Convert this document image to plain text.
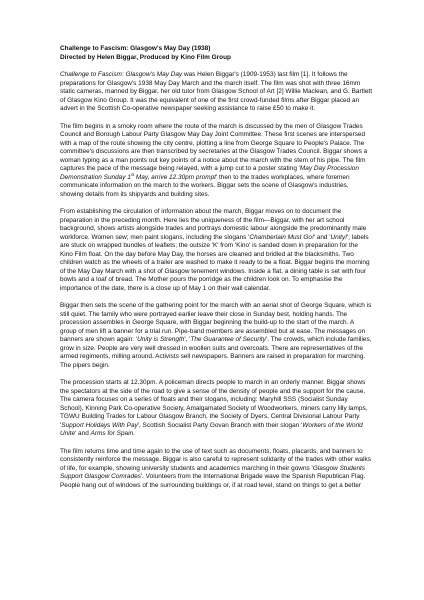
Challenge to Fascism: Glasgow's May Day (1938)
Directed by Helen Biggar, Produced by Kino Film Group

Challenge to Fascism: Glasgow's May Day was Helen Biggar's (1909-1953) last film [1]. It follows the preparations for Glasgow's 1938 May Day March and the march itself. The film was shot with three 16mm static cameras, manned by Biggar, her old tutor from Glasgow School of Art [2] Willie Maclean, and G. Bartlett of Glasgow Kino Group. It was the equivalent of one of the first crowd-funded films after Biggar placed an advert in the Scottish Co-operative newspaper seeking assistance to raise £50 to make it.

The film begins in a smoky room where the route of the march is discussed by the men of Glasgow Trades Council and Borough Labour Party Glasgow May Day Joint Committee. These first scenes are interspersed with a map of the route showing the city centre, plotting a line from George Square to People's Palace. The committee's discussions are then transcribed by secretaries at the Glasgow Trades Council. Biggar shows a woman typing as a man points out key points of a notice about the march with the stem of his pipe. The film captures the pace of the message being relayed, with a jump cut to a poster stating 'May Day Procession Demonstration Sunday 1st May, arrive 12.30pm prompt' then to the trades workplaces, where foremen communicate information on the march to the workers. Biggar sets the scene of Glasgow's industries, showing details from its shipyards and building sites.

From establishing the circulation of information about the march, Biggar moves on to document the preparation in the preceding month. Here lies the uniqueness of the film—Biggar, with her art school background, shows artists alongside trades and portrays domestic labour alongside the predominantly male workforce. Women sew; men paint slogans, including the slogans 'Chamberlain Must Go!' and 'Unity!'; labels are stuck on wrapped bundles of leaflets; the outsize 'K' from 'Kino' is sanded down in preparation for the Kino Film float. On the day before May Day, the horses are cleaned and bridled at the blacksmiths. Two children watch as the wheels of a trailer are washed to make it ready to be a float. Biggar begins the morning of the May Day March with a shot of Glasgow tenement windows. Inside a flat, a dining table is set with four bowls and a loaf of bread. The Mother pours the porridge as the children look on. To emphasise the importance of the date, there is a close up of May 1 on their wall calendar.

Biggar then sets the scene of the gathering point for the march with an aerial shot of George Square, which is still quiet. The family who were portrayed earlier leave their close in Sunday best, holding hands. The procession assembles in George Square, with Biggar beginning the build-up to the start of the march. A group of men lift a banner for a trial run. Pipe-band members are assembled but at ease. The messages on banners are shown again: 'Unity is Strength', 'The Guarantee of Security'. The crowds, which include families, grow in size. People are very well dressed in woollen suits and overcoats. There are representatives of the armed regiments, milling around. Activists sell newspapers. Banners are raised in preparation for marching. The pipers begin.

The procession starts at 12.30pm. A policeman directs people to march in an orderly manner. Biggar shows the spectators at the side of the road to give a sense of the density of people and the support for the cause. The camera focuses on a series of floats and their slogans, including: Maryhill SSS (Socialist Sunday School), Kinning Park Co-operative Society, Amalgamated Society of Woodworkers, miners carry lilly lamps, TGWU Building Trades for Labour Glasgow Branch, the Society of Dyers, Central Divisional Labour Party 'Support Holidays With Pay', Scottish Socialist Party Govan Branch with their slogan 'Workers of the World Unite' and Arms for Spain.

The film returns time and time again to the use of text such as documents, floats, placards, and banners to consistently reinforce the message. Biggar is also careful to represent solidarity of the trades with other walks of life, for example, showing university students and academics marching in their gowns 'Glasgow Students Support Glasgow Comrades'. Volunteers from the International Brigade wave the Spanish Republican Flag. People hang out of windows of the surrounding buildings or, if at road level, stand on things to get a better
